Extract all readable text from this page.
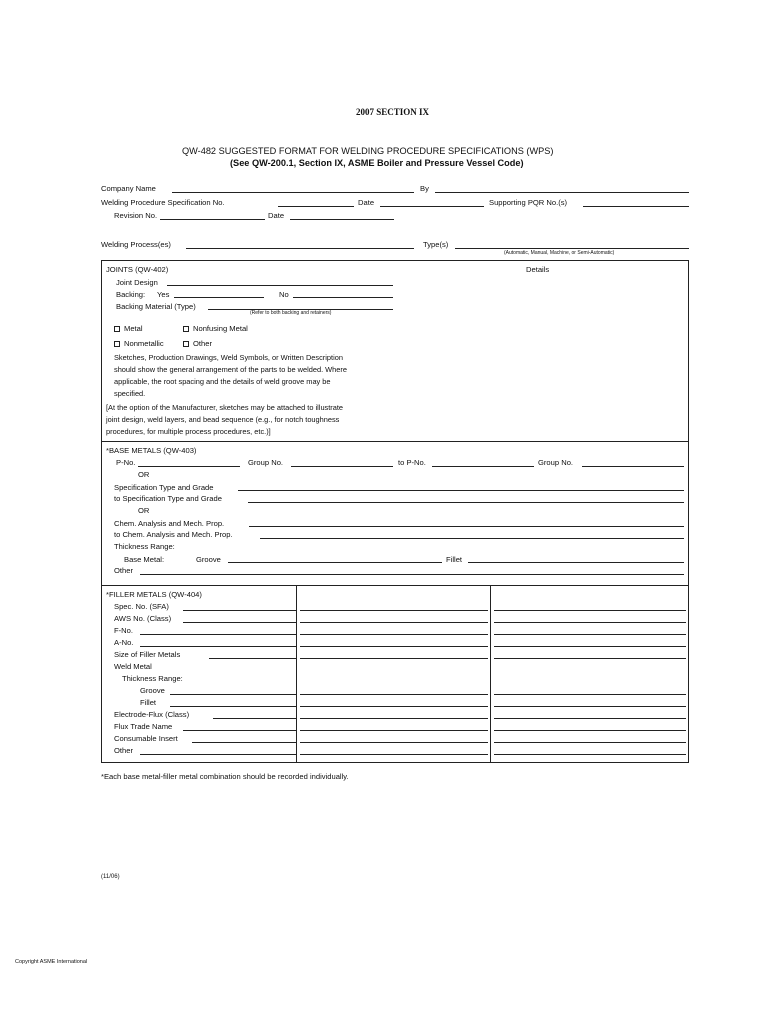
2007 SECTION IX
QW-482 SUGGESTED FORMAT FOR WELDING PROCEDURE SPECIFICATIONS (WPS)
(See QW-200.1, Section IX, ASME Boiler and Pressure Vessel Code)
Company Name	By
Welding Procedure Specification No.	Date	Supporting PQR No.(s)
Revision No.	Date
Welding Process(es)	Type(s)
(Automatic, Manual, Machine, or Semi-Automatic)
JOINTS (QW-402)	Details
Joint Design
Backing: Yes	No
Backing Material (Type)
(Refer to both backing and retainers)
Metal	Nonfusing Metal
Nonmetallic	Other
Sketches, Production Drawings, Weld Symbols, or Written Description
should show the general arrangement of the parts to be welded. Where
applicable, the root spacing and the details of weld groove may be
specified.
[At the option of the Manufacturer, sketches may be attached to illustrate
joint design, weld layers, and bead sequence (e.g., for notch toughness
procedures, for multiple process procedures, etc.)]
*BASE METALS (QW-403)
P-No.	Group No.	to P-No.	Group No.
OR
Specification Type and Grade
to Specification Type and Grade
OR
Chem. Analysis and Mech. Prop.
to Chem. Analysis and Mech. Prop.
Thickness Range:
Base Metal:	Groove	Fillet
Other
*FILLER METALS (QW-404)
Spec. No. (SFA)
AWS No. (Class)
F-No.
A-No.
Size of Filler Metals
Weld Metal
Thickness Range:
Groove
Fillet
Electrode-Flux (Class)
Flux Trade Name
Consumable Insert
Other
*Each base metal-filler metal combination should be recorded individually.
(11/06)
Copyright ASME International
